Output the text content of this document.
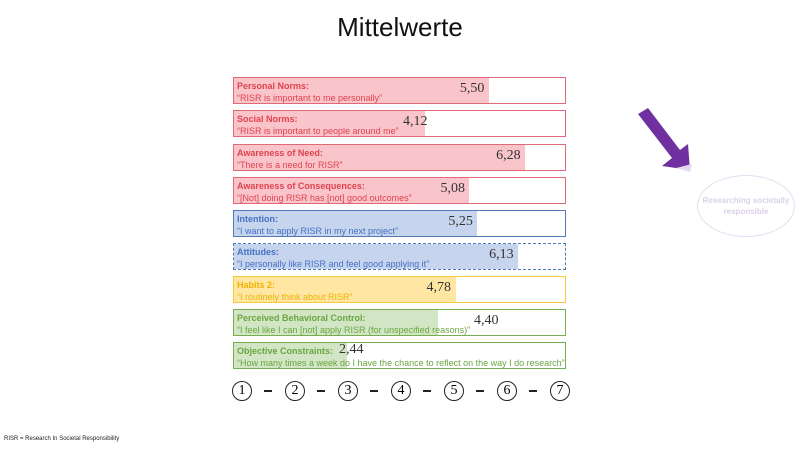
Mittelwerte
Personal Norms:
“RISR is important to me personally”
5,50
Social Norms:
“RISR is important to people around me”
4,12
Awareness of Need:
“There is a need for RISR”
6,28
Awareness of Consequences:
“[Not] doing RISR has [not] good outcomes”
5,08
Intention:
“I want to apply RISR in my next project”
5,25
Attitudes:
“I personally like RISR and feel good applying it”
6,13
Habits 2:
“I routinely think about RISR”
4,78
Perceived Behavioral Control:
“I feel like I can [not] apply RISR (for unspecified reasons)”
4,40
Objective Constraints:
“How many times a week do I have the chance to reflect on the way I do research”
2,44
1	2	3	4	5	6	7
Researching societally responsible
RISR = Research In Societal Responsibility
